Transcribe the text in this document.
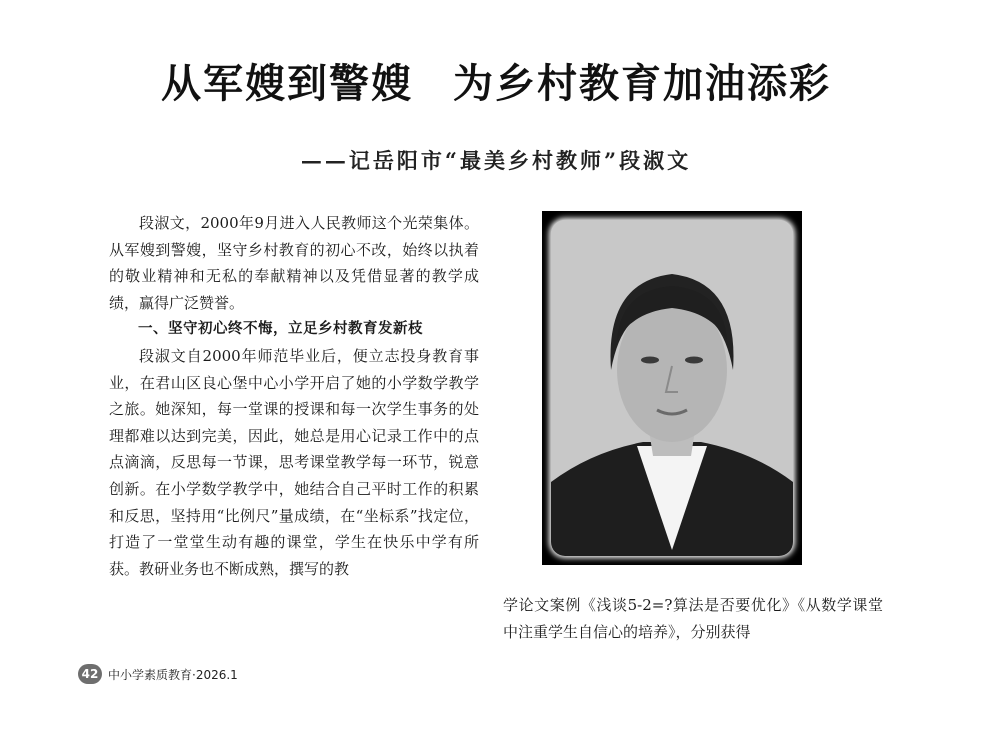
从军嫂到警嫂 为乡村教育加油添彩
——记岳阳市“最美乡村教师”段淑文

段淑文，2000年9月进入人民教师这个光荣集体。从军嫂到警嫂，坚守乡村教育的初心不改，始终以执着的敬业精神和无私的奉献精神以及凭借显著的教学成绩，赢得广泛赞誉。

一、坚守初心终不悔，立足乡村教育发新枝

段淑文自2000年师范毕业后，便立志投身教育事业，在君山区良心堡中心小学开启了她的小学数学教学之旅。她深知，每一堂课的授课和每一次学生事务的处理都难以达到完美，因此，她总是用心记录工作中的点点滴滴，反思每一节课，思考课堂教学每一环节，锐意创新。在小学数学教学中，她结合自己平时工作的积累和反思，坚持用“比例尺”量成绩，在“坐标系”找定位，打造了一堂堂生动有趣的课堂，学生在快乐中学有所获。教研业务也不断成熟，撰写的教

学论文案例《浅谈5-2=?算法是否要优化》《从数学课堂中注重学生自信心的培养》，分别获得

42 中小学素质教育·2026.1
